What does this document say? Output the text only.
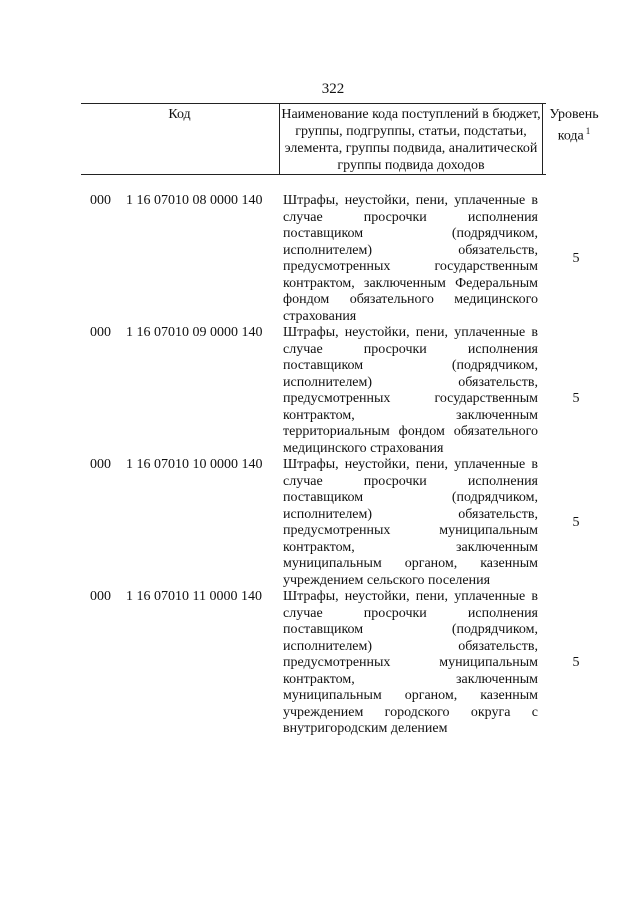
322
Код	Наименование кода поступлений в бюджет, группы, подгруппы, статьи, подстатьи, элемента, группы подвида, аналитической группы подвида доходов
Уровень кода $^1$
000 1 16 07010 08 0000 140
5
Штрафы, неустойки, пени, уплаченные в случае просрочки исполнения поставщиком (подрядчиком, исполнителем) обязательств, предусмотренных государственным контрактом, заключенным Федеральным фондом обязательного медицинского страхования
000 1 16 07010 09 0000 140
5
Штрафы, неустойки, пени, уплаченные в случае просрочки исполнения поставщиком (подрядчиком, исполнителем) обязательств, предусмотренных государственным контрактом, заключенным территориальным фондом обязательного медицинского страхования
000 1 16 07010 10 0000 140
5
Штрафы, неустойки, пени, уплаченные в случае просрочки исполнения поставщиком (подрядчиком, исполнителем) обязательств, предусмотренных муниципальным контрактом, заключенным муниципальным органом, казенным учреждением сельского поселения
000 1 16 07010 11 0000 140
5
Штрафы, неустойки, пени, уплаченные в случае просрочки исполнения поставщиком (подрядчиком, исполнителем) обязательств, предусмотренных муниципальным контрактом, заключенным муниципальным органом, казенным учреждением городского округа с внутригородским делением
